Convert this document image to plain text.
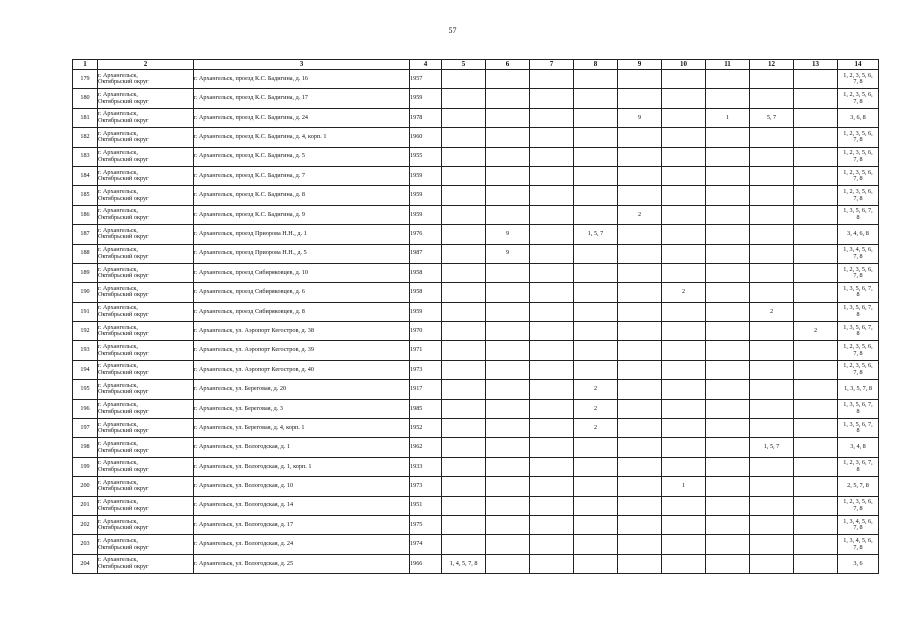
57
1	2	3	4	5	6	7	8	9	10	11	12	13	14
179	г. Архангельск,
Октябрьский округ	г. Архангельск, проезд К.С. Бадигина, д. 16	1957										1, 2, 3, 5, 6,
7, 8
180	г. Архангельск,
Октябрьский округ	г. Архангельск, проезд К.С. Бадигина, д. 17	1959										1, 2, 3, 5, 6,
7, 8
181	г. Архангельск,
Октябрьский округ	г. Архангельск, проезд К.С. Бадигина, д. 24	1978					9		1	5, 7		3, 6, 8
182	г. Архангельск,
Октябрьский округ	г. Архангельск, проезд К.С. Бадигина, д. 4, корп. 1	1960										1, 2, 3, 5, 6,
7, 8
183	г. Архангельск,
Октябрьский округ	г. Архангельск, проезд К.С. Бадигина, д. 5	1955										1, 2, 3, 5, 6,
7, 8
184	г. Архангельск,
Октябрьский округ	г. Архангельск, проезд К.С. Бадигина, д. 7	1959										1, 2, 3, 5, 6,
7, 8
185	г. Архангельск,
Октябрьский округ	г. Архангельск, проезд К.С. Бадигина, д. 8	1959										1, 2, 3, 5, 6,
7, 8
186	г. Архангельск,
Октябрьский округ	г. Архангельск, проезд К.С. Бадигина, д. 9	1959					2					1, 3, 5, 6, 7,
8
187	г. Архангельск,
Октябрьский округ	г. Архангельск, проезд Приорова Н.Н., д. 1	1976		9		1, 5, 7						3, 4, 6, 8
188	г. Архангельск,
Октябрьский округ	г. Архангельск, проезд Приорова Н.Н., д. 5	1987		9								1, 3, 4, 5, 6,
7, 8
189	г. Архангельск,
Октябрьский округ	г. Архангельск, проезд Сибиряковцев, д. 10	1958										1, 2, 3, 5, 6,
7, 8
190	г. Архангельск,
Октябрьский округ	г. Архангельск, проезд Сибиряковцев, д. 6	1958						2				1, 3, 5, 6, 7,
8
191	г. Архангельск,
Октябрьский округ	г. Архангельск, проезд Сибиряковцев, д. 8	1959								2		1, 3, 5, 6, 7,
8
192	г. Архангельск,
Октябрьский округ	г. Архангельск, ул. Аэропорт Кегостров, д. 38	1970									2	1, 3, 5, 6, 7,
8
193	г. Архангельск,
Октябрьский округ	г. Архангельск, ул. Аэропорт Кегостров, д. 39	1971										1, 2, 3, 5, 6,
7, 8
194	г. Архангельск,
Октябрьский округ	г. Архангельск, ул. Аэропорт Кегостров, д. 40	1973										1, 2, 3, 5, 6,
7, 8
195	г. Архангельск,
Октябрьский округ	г. Архангельск, ул. Береговая, д. 20	1917				2						1, 3, 5, 7, 8
196	г. Архангельск,
Октябрьский округ	г. Архангельск, ул. Береговая, д. 3	1985				2						1, 3, 5, 6, 7,
8
197	г. Архангельск,
Октябрьский округ	г. Архангельск, ул. Береговая, д. 4, корп. 1	1952				2						1, 3, 5, 6, 7,
8
198	г. Архангельск,
Октябрьский округ	г. Архангельск, ул. Вологодская, д. 1	1962								1, 5, 7		3, 4, 8
199	г. Архангельск,
Октябрьский округ	г. Архангельск, ул. Вологодская, д. 1, корп. 1	1933										1, 2, 3, 6, 7,
8
200	г. Архангельск,
Октябрьский округ	г. Архангельск, ул. Вологодская, д. 10	1973						1				2, 5, 7, 8
201	г. Архангельск,
Октябрьский округ	г. Архангельск, ул. Вологодская, д. 14	1951										1, 2, 3, 5, 6,
7, 8
202	г. Архангельск,
Октябрьский округ	г. Архангельск, ул. Вологодская, д. 17	1975										1, 3, 4, 5, 6,
7, 8
203	г. Архангельск,
Октябрьский округ	г. Архангельск, ул. Вологодская, д. 24	1974										1, 3, 4, 5, 6,
7, 8
204	г. Архангельск,
Октябрьский округ	г. Архангельск, ул. Вологодская, д. 25	1966	1, 4, 5, 7, 8									3, 6
